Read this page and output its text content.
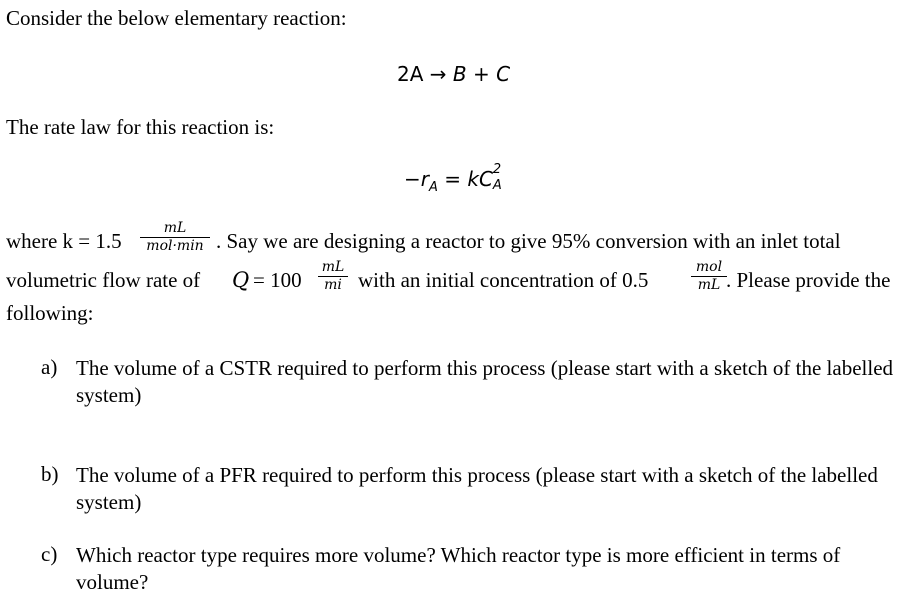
Consider the below elementary reaction:
2A → B + C
The rate law for this reaction is:
$-r_A$ = kC 2
A
where k = 1.5
mL
mol·min . Say we are designing a reactor to give 95% conversion with an inlet total
volumetric flow rate of Q = 100
mL
mi with an initial concentration of 0.5
mol
mL . Please provide the
following:
a) The volume of a CSTR required to perform this process (please start with a sketch of the labelled system)
b) The volume of a PFR required to perform this process (please start with a sketch of the labelled system)
c) Which reactor type requires more volume? Which reactor type is more efficient in terms of volume?
